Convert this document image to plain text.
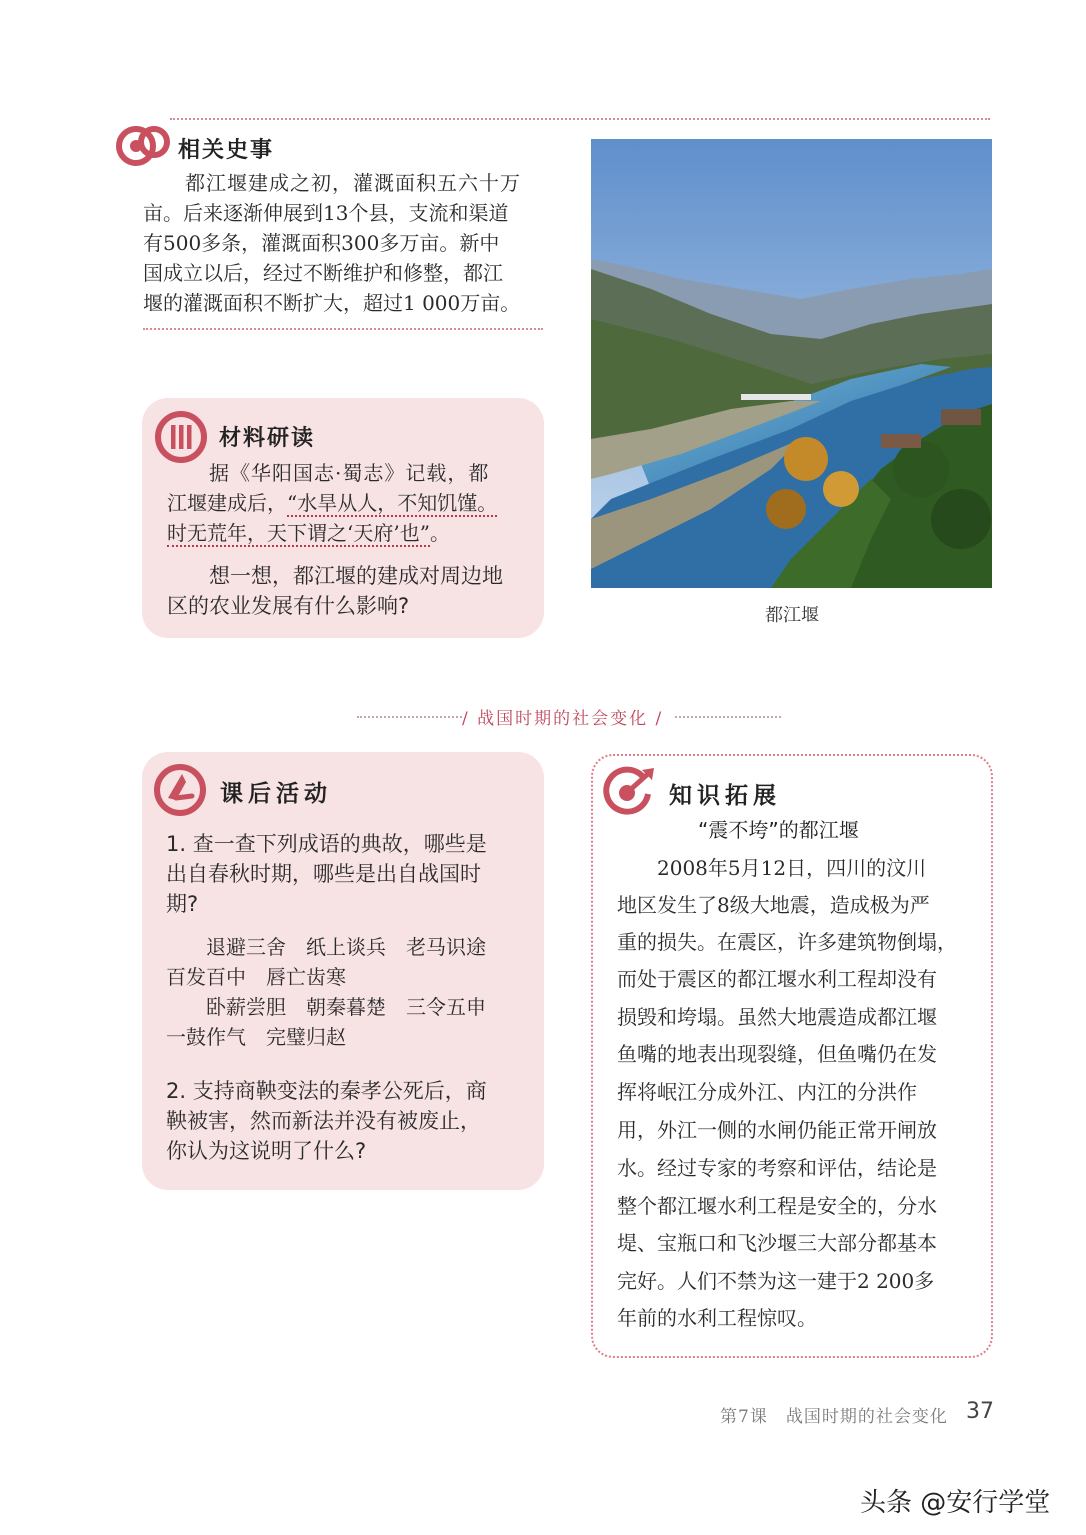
相关史事

　　都江堰建成之初，灌溉面积五六十万

亩。后来逐渐伸展到13个县，支流和渠道

有500多条，灌溉面积300多万亩。新中

国成立以后，经过不断维护和修整，都江

堰的灌溉面积不断扩大，超过1 000万亩。

都江堰
材料研读

　　据《华阳国志·蜀志》记载，都

江堰建成后，“水旱从人，不知饥馑。

时无荒年，天下谓之‘天府’也”。

　　想一想，都江堰的建成对周边地

区的农业发展有什么影响?

/ 战国时期的社会变化 /
课后活动

1. 查一查下列成语的典故，哪些是

出自春秋时期，哪些是出自战国时

期?

　　退避三舍　纸上谈兵　老马识途

百发百中　唇亡齿寒

　　卧薪尝胆　朝秦暮楚　三令五申

一鼓作气　完璧归赵

2. 支持商鞅变法的秦孝公死后，商

鞅被害，然而新法并没有被废止，

你认为这说明了什么?

知识拓展
“震不垮”的都江堰

　　2008年5月12日，四川的汶川

地区发生了8级大地震，造成极为严

重的损失。在震区，许多建筑物倒塌，

而处于震区的都江堰水利工程却没有

损毁和垮塌。虽然大地震造成都江堰

鱼嘴的地表出现裂缝，但鱼嘴仍在发

挥将岷江分成外江、内江的分洪作

用，外江一侧的水闸仍能正常开闸放

水。经过专家的考察和评估，结论是

整个都江堰水利工程是安全的，分水

堤、宝瓶口和飞沙堰三大部分都基本

完好。人们不禁为这一建于2 200多

年前的水利工程惊叹。

第7课　战国时期的社会变化 37
头条 @安行学堂
